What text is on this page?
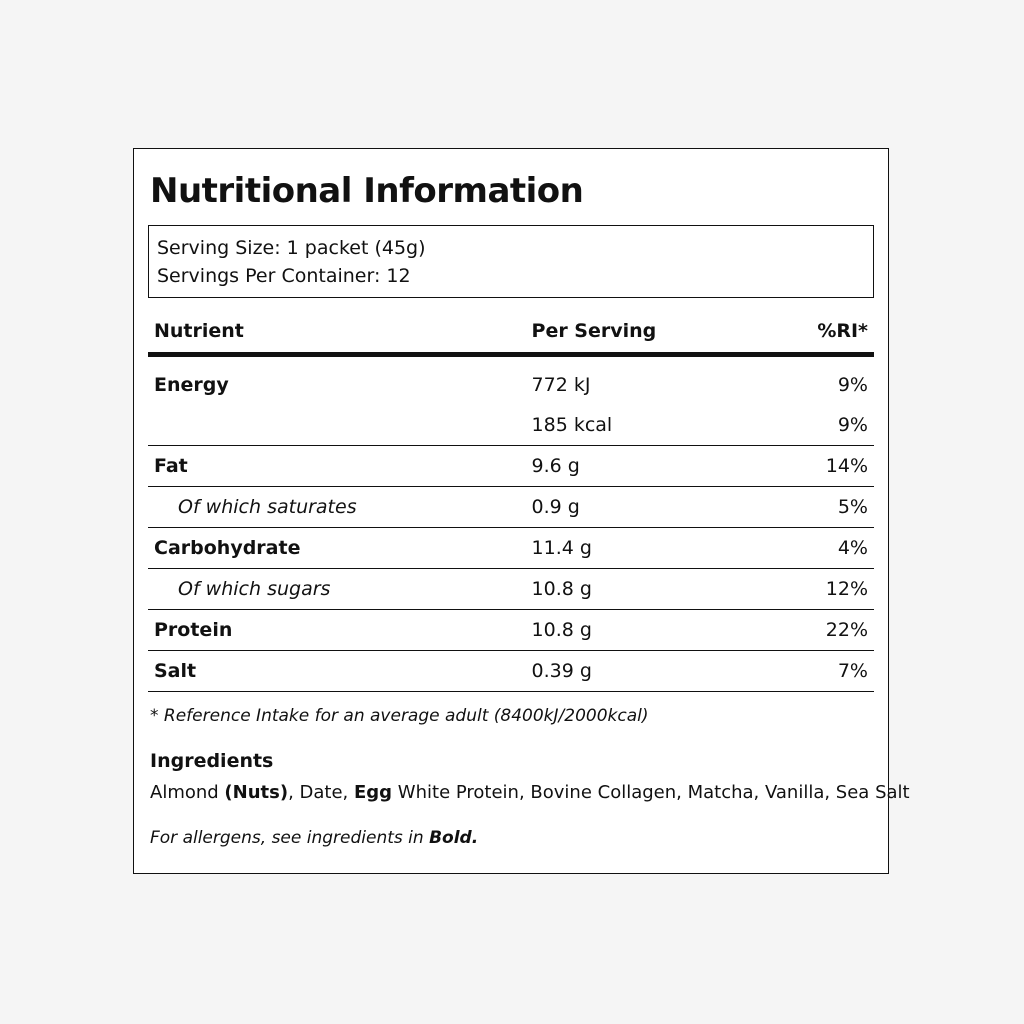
Nutritional Information
Serving Size: 1 packet (45g)
Servings Per Container: 12
Nutrient	Per Serving	%RI*
Energy	772 kJ	9%
	185 kcal	9%
Fat	9.6 g	14%
Of which saturates	0.9 g	5%
Carbohydrate	11.4 g	4%
Of which sugars	10.8 g	12%
Protein	10.8 g	22%
Salt	0.39 g	7%
* Reference Intake for an average adult (8400kJ/2000kcal)
Ingredients
Almond (Nuts), Date, Egg White Protein, Bovine Collagen, Matcha, Vanilla, Sea Salt
For allergens, see ingredients in Bold.
